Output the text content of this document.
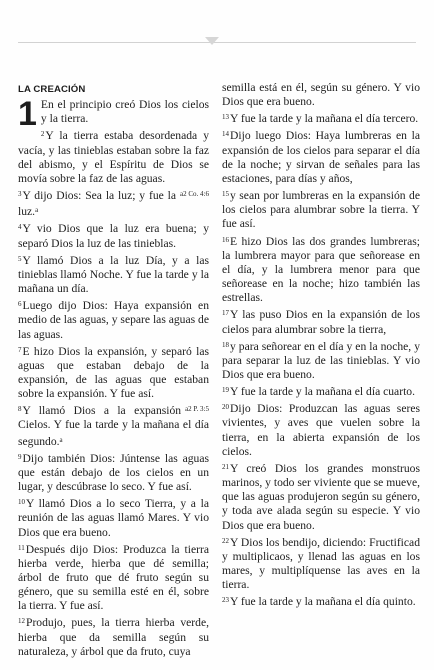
LA CREACIÓN

1 En el principio creó Dios los cielos y la tierra.

$^2$Y la tierra estaba desordenada y vacía, y las tinieblas estaban sobre la faz del abismo, y el Espíritu de Dios se movía sobre la faz de las aguas.

a2 Co. 4:6
$^3$Y dijo Dios: Sea la luz; y fue la luz.$^a$

$^4$Y vio Dios que la luz era buena; y separó Dios la luz de las tinieblas.

$^5$Y llamó Dios a la luz Día, y a las tinieblas llamó Noche. Y fue la tarde y la mañana un día.

$^6$Luego dijo Dios: Haya expansión en medio de las aguas, y separe las aguas de las aguas.

$^7$E hizo Dios la expansión, y separó las aguas que estaban debajo de la expansión, de las aguas que estaban sobre la expansión. Y fue así.

a2 P. 3:5
$^8$Y llamó Dios a la expansión Cielos. Y fue la tarde y la mañana el día segundo.$^a$

$^9$Dijo también Dios: Júntense las aguas que están debajo de los cielos en un lugar, y descúbrase lo seco. Y fue así.

$^{10}$Y llamó Dios a lo seco Tierra, y a la reunión de las aguas llamó Mares. Y vio Dios que era bueno.

$^{11}$Después dijo Dios: Produzca la tierra hierba verde, hierba que dé semilla; árbol de fruto que dé fruto según su género, que su semilla esté en él, sobre la tierra. Y fue así.

$^{12}$Produjo, pues, la tierra hierba verde, hierba que da semilla según su naturaleza, y árbol que da fruto, cuya

semilla está en él, según su género. Y vio Dios que era bueno.

$^{13}$Y fue la tarde y la mañana el día tercero.

$^{14}$Dijo luego Dios: Haya lumbreras en la expansión de los cielos para separar el día de la noche; y sirvan de señales para las estaciones, para días y años,

$^{15}$y sean por lumbreras en la expansión de los cielos para alumbrar sobre la tierra. Y fue así.

$^{16}$E hizo Dios las dos grandes lumbreras; la lumbrera mayor para que señorease en el día, y la lumbrera menor para que señorease en la noche; hizo también las estrellas.

$^{17}$Y las puso Dios en la expansión de los cielos para alumbrar sobre la tierra,

$^{18}$y para señorear en el día y en la noche, y para separar la luz de las tinieblas. Y vio Dios que era bueno.

$^{19}$Y fue la tarde y la mañana el día cuarto.

$^{20}$Dijo Dios: Produzcan las aguas seres vivientes, y aves que vuelen sobre la tierra, en la abierta expansión de los cielos.

$^{21}$Y creó Dios los grandes monstruos marinos, y todo ser viviente que se mueve, que las aguas produjeron según su género, y toda ave alada según su especie. Y vio Dios que era bueno.

$^{22}$Y Dios los bendijo, diciendo: Fructificad y multiplicaos, y llenad las aguas en los mares, y multiplíquense las aves en la tierra.

$^{23}$Y fue la tarde y la mañana el día quinto.
